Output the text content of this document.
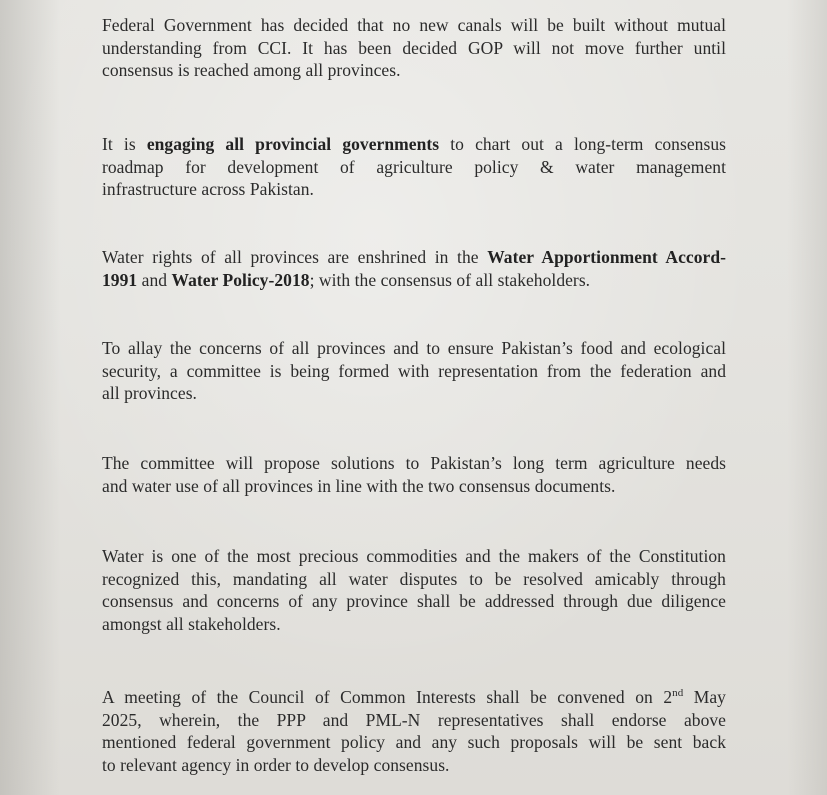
Federal Government has decided that no new canals will be built without mutual
understanding from CCI. It has been decided GOP will not move further until
consensus is reached among all provinces.

It is engaging all provincial governments to chart out a long-term consensus
roadmap for development of agriculture policy & water management
infrastructure across Pakistan.

Water rights of all provinces are enshrined in the Water Apportionment Accord-
1991 and Water Policy-2018; with the consensus of all stakeholders.

To allay the concerns of all provinces and to ensure Pakistan’s food and ecological
security, a committee is being formed with representation from the federation and
all provinces.

The committee will propose solutions to Pakistan’s long term agriculture needs
and water use of all provinces in line with the two consensus documents.

Water is one of the most precious commodities and the makers of the Constitution
recognized this, mandating all water disputes to be resolved amicably through
consensus and concerns of any province shall be addressed through due diligence
amongst all stakeholders.

A meeting of the Council of Common Interests shall be convened on 2nd May
2025, wherein, the PPP and PML-N representatives shall endorse above
mentioned federal government policy and any such proposals will be sent back
to relevant agency in order to develop consensus.
